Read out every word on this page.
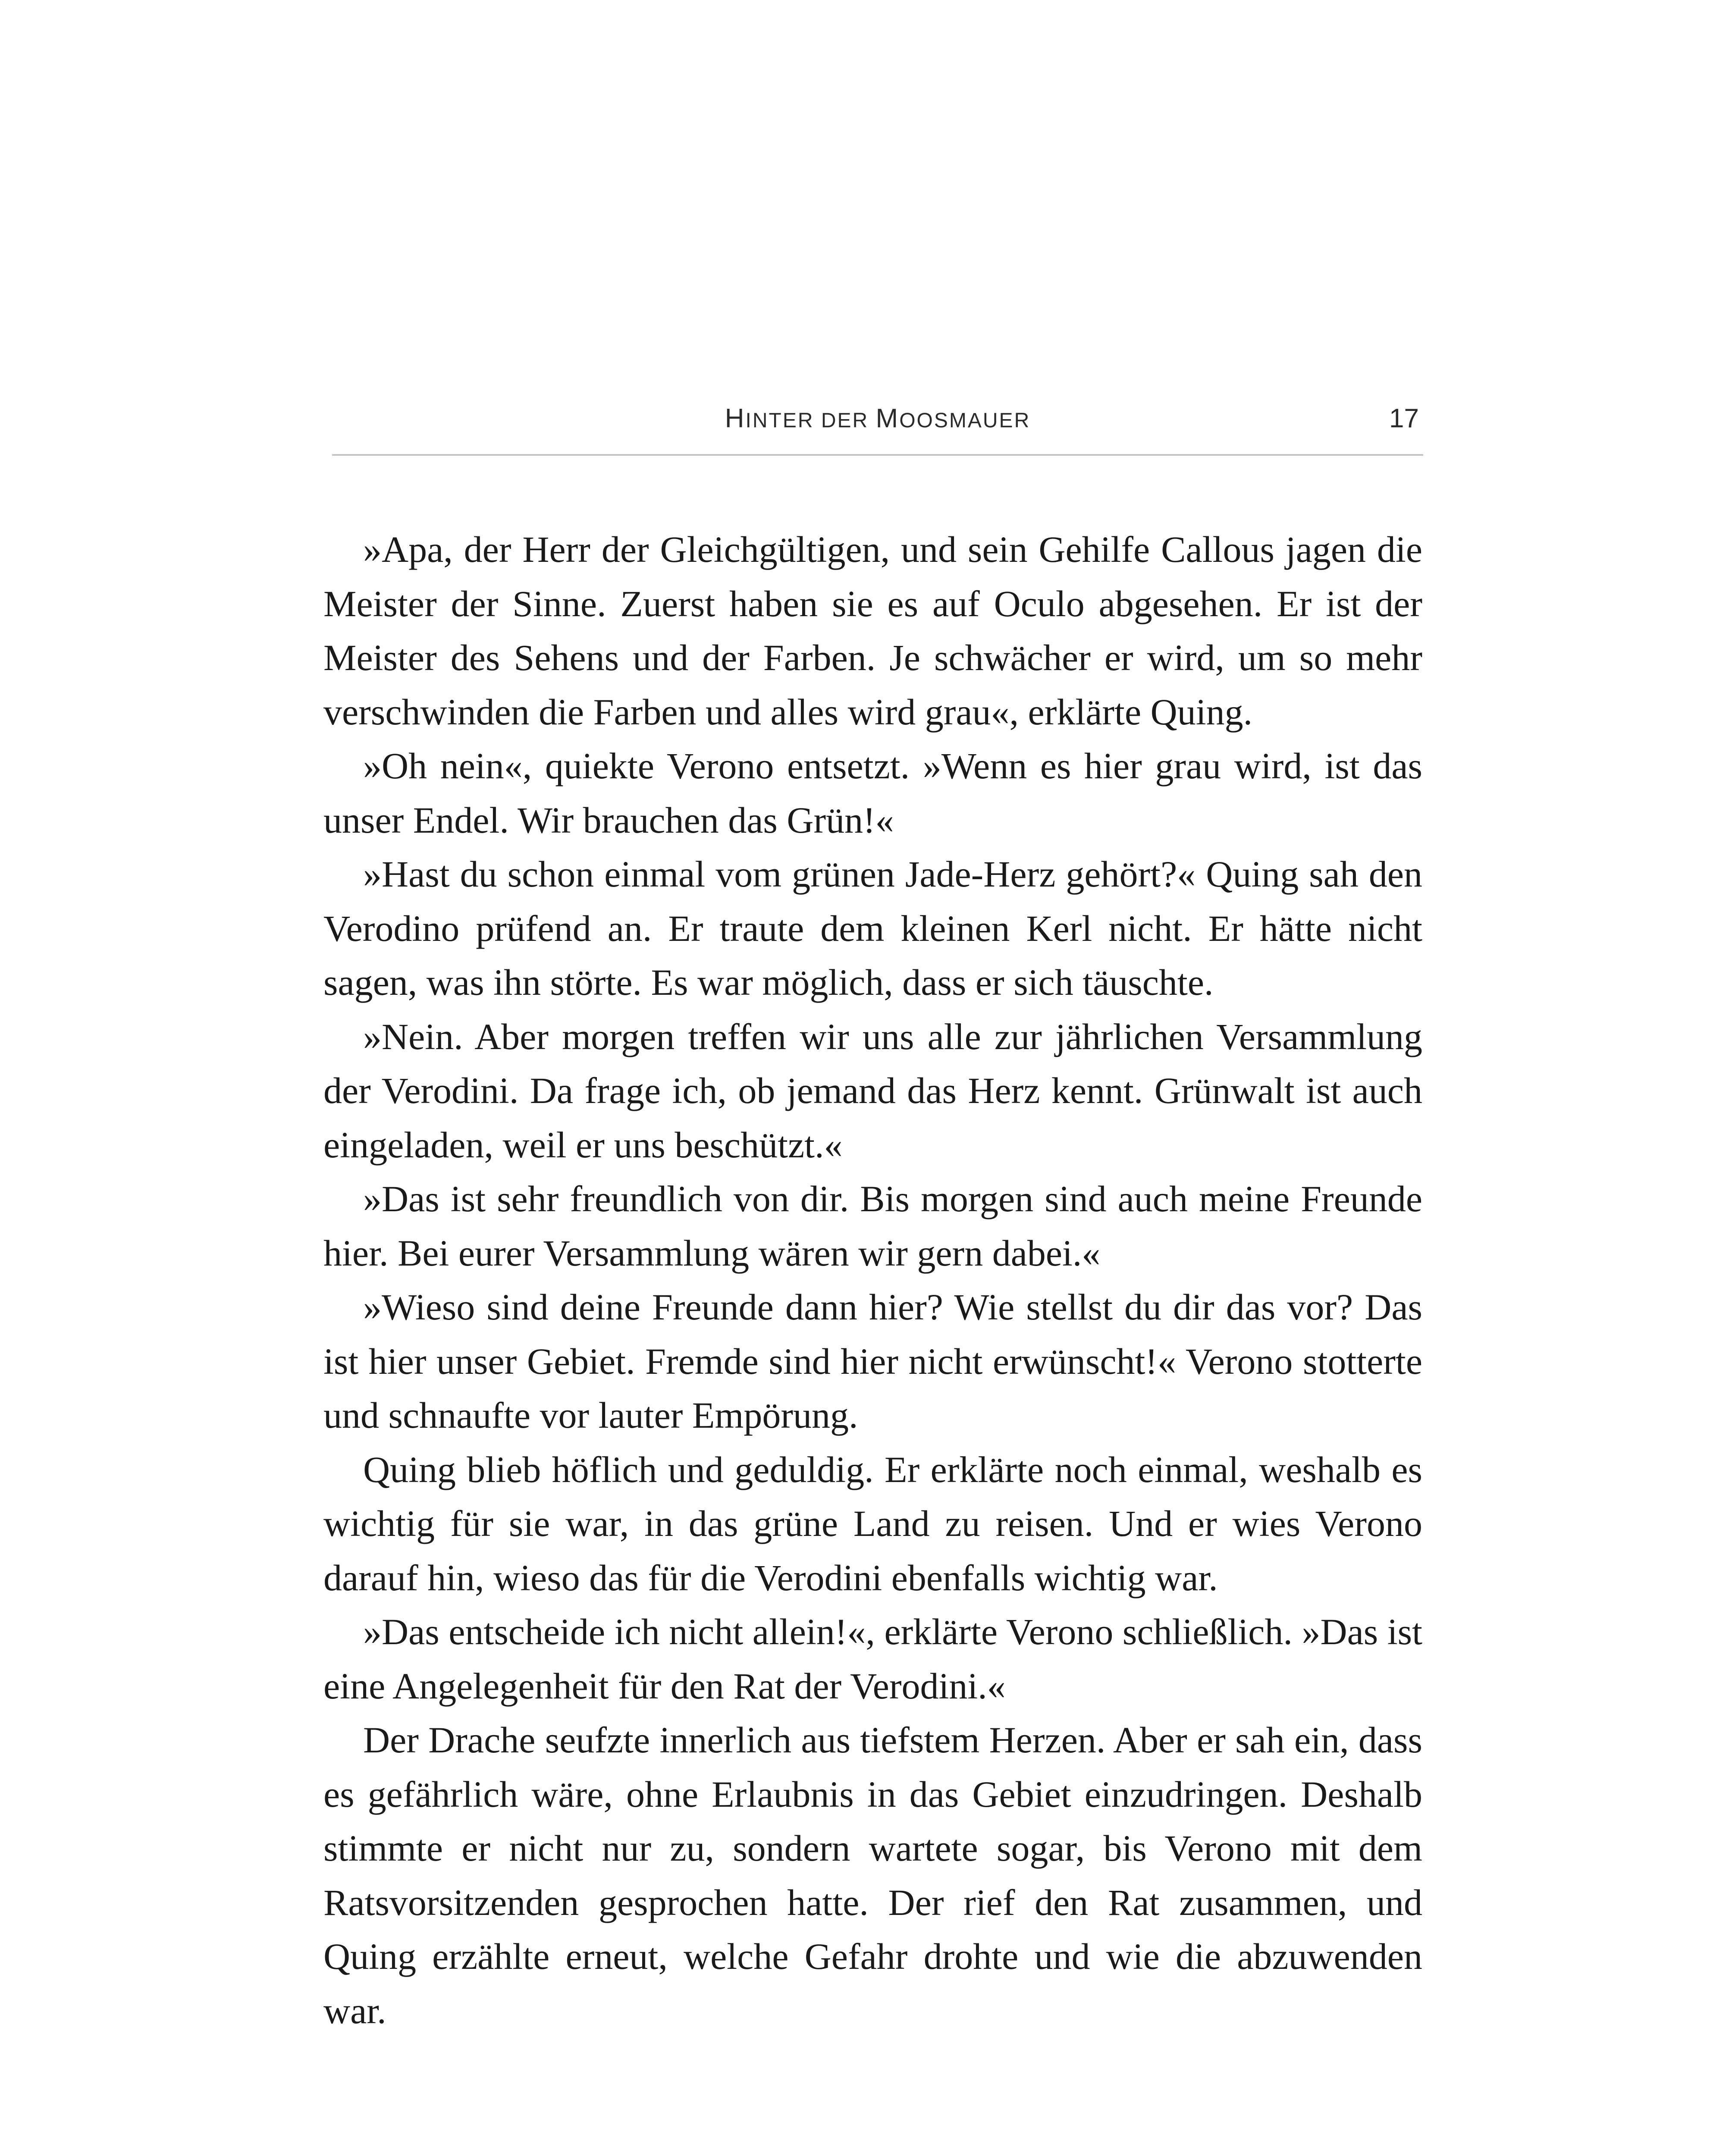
HINTER DER MOOSMAUER	17

»Apa, der Herr der Gleichgültigen, und sein Gehilfe Callous jagen die Meister der Sinne. Zuerst haben sie es auf Oculo abgesehen. Er ist der Meister des Sehens und der Farben. Je schwächer er wird, um so mehr verschwinden die Farben und alles wird grau«, erklärte Quing.

»Oh nein«, quiekte Verono entsetzt. »Wenn es hier grau wird, ist das unser Endel. Wir brauchen das Grün!«

»Hast du schon einmal vom grünen Jade-Herz gehört?« Quing sah den Verodino prüfend an. Er traute dem kleinen Kerl nicht. Er hätte nicht sagen, was ihn störte. Es war möglich, dass er sich täuschte.

»Nein. Aber morgen treffen wir uns alle zur jährlichen Versammlung der Verodini. Da frage ich, ob jemand das Herz kennt. Grünwalt ist auch eingeladen, weil er uns beschützt.«

»Das ist sehr freundlich von dir. Bis morgen sind auch meine Freunde hier. Bei eurer Versammlung wären wir gern dabei.«

»Wieso sind deine Freunde dann hier? Wie stellst du dir das vor? Das ist hier unser Gebiet. Fremde sind hier nicht erwünscht!« Verono stotterte und schnaufte vor lauter Empörung.

Quing blieb höflich und geduldig. Er erklärte noch einmal, weshalb es wichtig für sie war, in das grüne Land zu reisen. Und er wies Verono darauf hin, wieso das für die Verodini ebenfalls wichtig war.

»Das entscheide ich nicht allein!«, erklärte Verono schließlich. »Das ist eine Angelegenheit für den Rat der Verodini.«

Der Drache seufzte innerlich aus tiefstem Herzen. Aber er sah ein, dass es gefährlich wäre, ohne Erlaubnis in das Gebiet einzudringen. Deshalb stimmte er nicht nur zu, sondern wartete sogar, bis Verono mit dem Ratsvorsitzenden gesprochen hatte. Der rief den Rat zusammen, und Quing erzählte erneut, welche Gefahr drohte und wie die abzuwenden war.
